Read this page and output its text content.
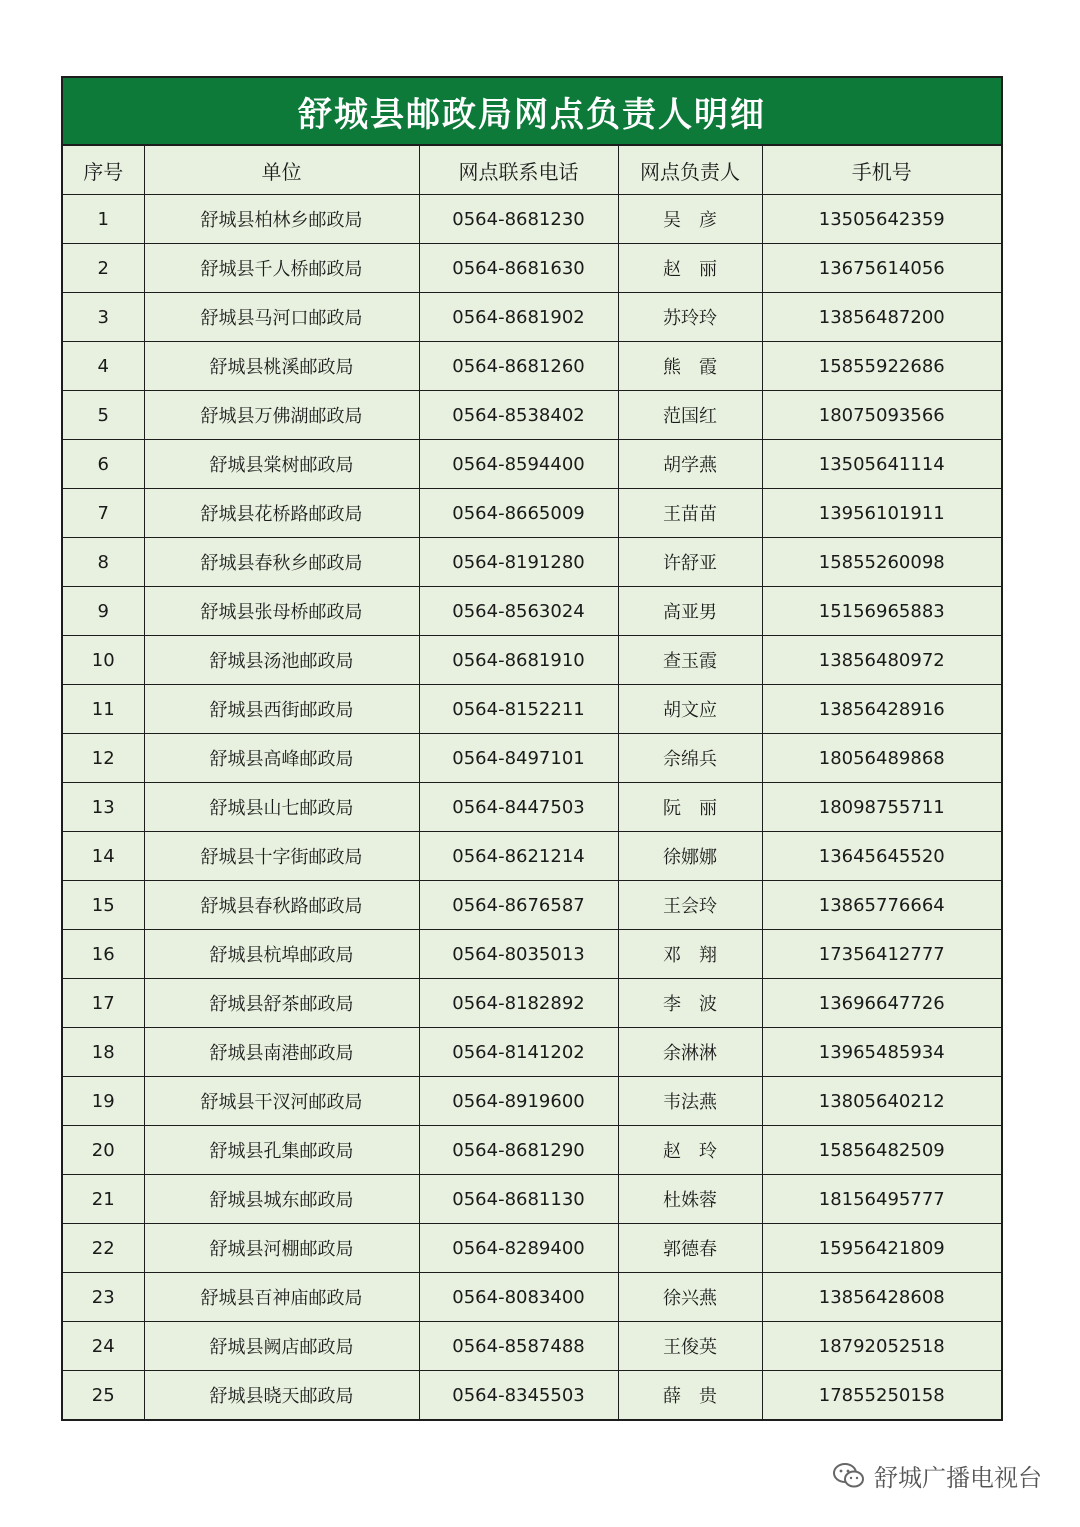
舒城县邮政局网点负责人明细
序号	单位	网点联系电话	网点负责人	手机号
1	舒城县柏林乡邮政局	0564-8681230	吴　彦	13505642359
2	舒城县千人桥邮政局	0564-8681630	赵　丽	13675614056
3	舒城县马河口邮政局	0564-8681902	苏玲玲	13856487200
4	舒城县桃溪邮政局	0564-8681260	熊　霞	15855922686
5	舒城县万佛湖邮政局	0564-8538402	范国红	18075093566
6	舒城县棠树邮政局	0564-8594400	胡学燕	13505641114
7	舒城县花桥路邮政局	0564-8665009	王苗苗	13956101911
8	舒城县春秋乡邮政局	0564-8191280	许舒亚	15855260098
9	舒城县张母桥邮政局	0564-8563024	高亚男	15156965883
10	舒城县汤池邮政局	0564-8681910	查玉霞	13856480972
11	舒城县西街邮政局	0564-8152211	胡文应	13856428916
12	舒城县高峰邮政局	0564-8497101	佘绵兵	18056489868
13	舒城县山七邮政局	0564-8447503	阮　丽	18098755711
14	舒城县十字街邮政局	0564-8621214	徐娜娜	13645645520
15	舒城县春秋路邮政局	0564-8676587	王会玲	13865776664
16	舒城县杭埠邮政局	0564-8035013	邓　翔	17356412777
17	舒城县舒茶邮政局	0564-8182892	李　波	13696647726
18	舒城县南港邮政局	0564-8141202	余淋淋	13965485934
19	舒城县干汊河邮政局	0564-8919600	韦法燕	13805640212
20	舒城县孔集邮政局	0564-8681290	赵　玲	15856482509
21	舒城县城东邮政局	0564-8681130	杜姝蓉	18156495777
22	舒城县河棚邮政局	0564-8289400	郭德春	15956421809
23	舒城县百神庙邮政局	0564-8083400	徐兴燕	13856428608
24	舒城县阙店邮政局	0564-8587488	王俊英	18792052518
25	舒城县晓天邮政局	0564-8345503	薛　贵	17855250158
舒城广播电视台
